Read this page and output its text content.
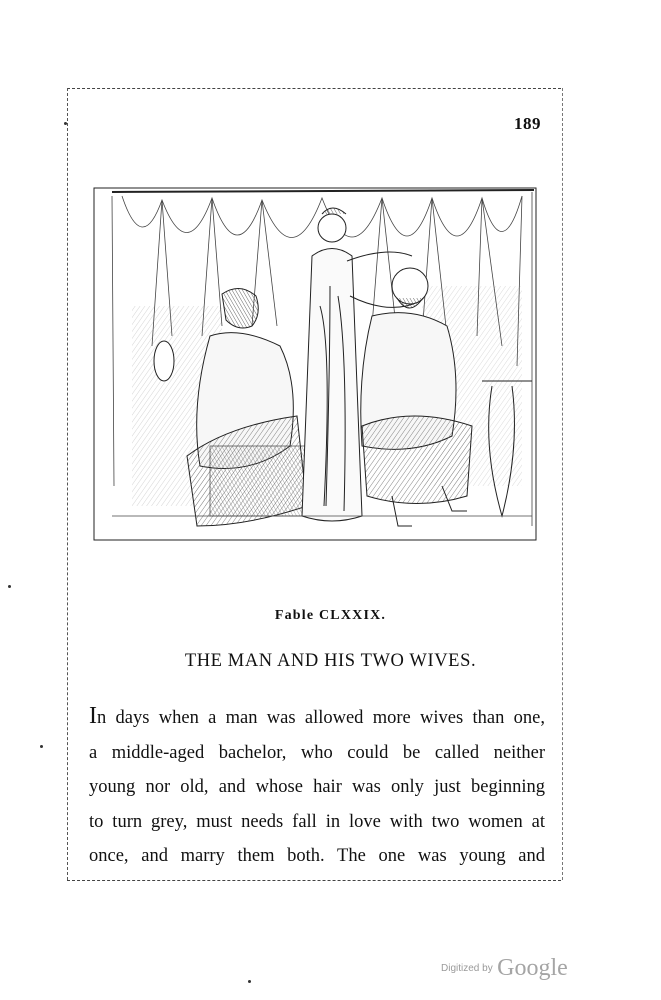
189
Fable CLXXIX.
THE MAN AND HIS TWO WIVES.
In days when a man was allowed more wives than one,
a middle-aged bachelor, who could be called neither
young nor old, and whose hair was only just beginning
to turn grey, must needs fall in love with two women at
once, and marry them both. The one was young and
Digitized by Google
